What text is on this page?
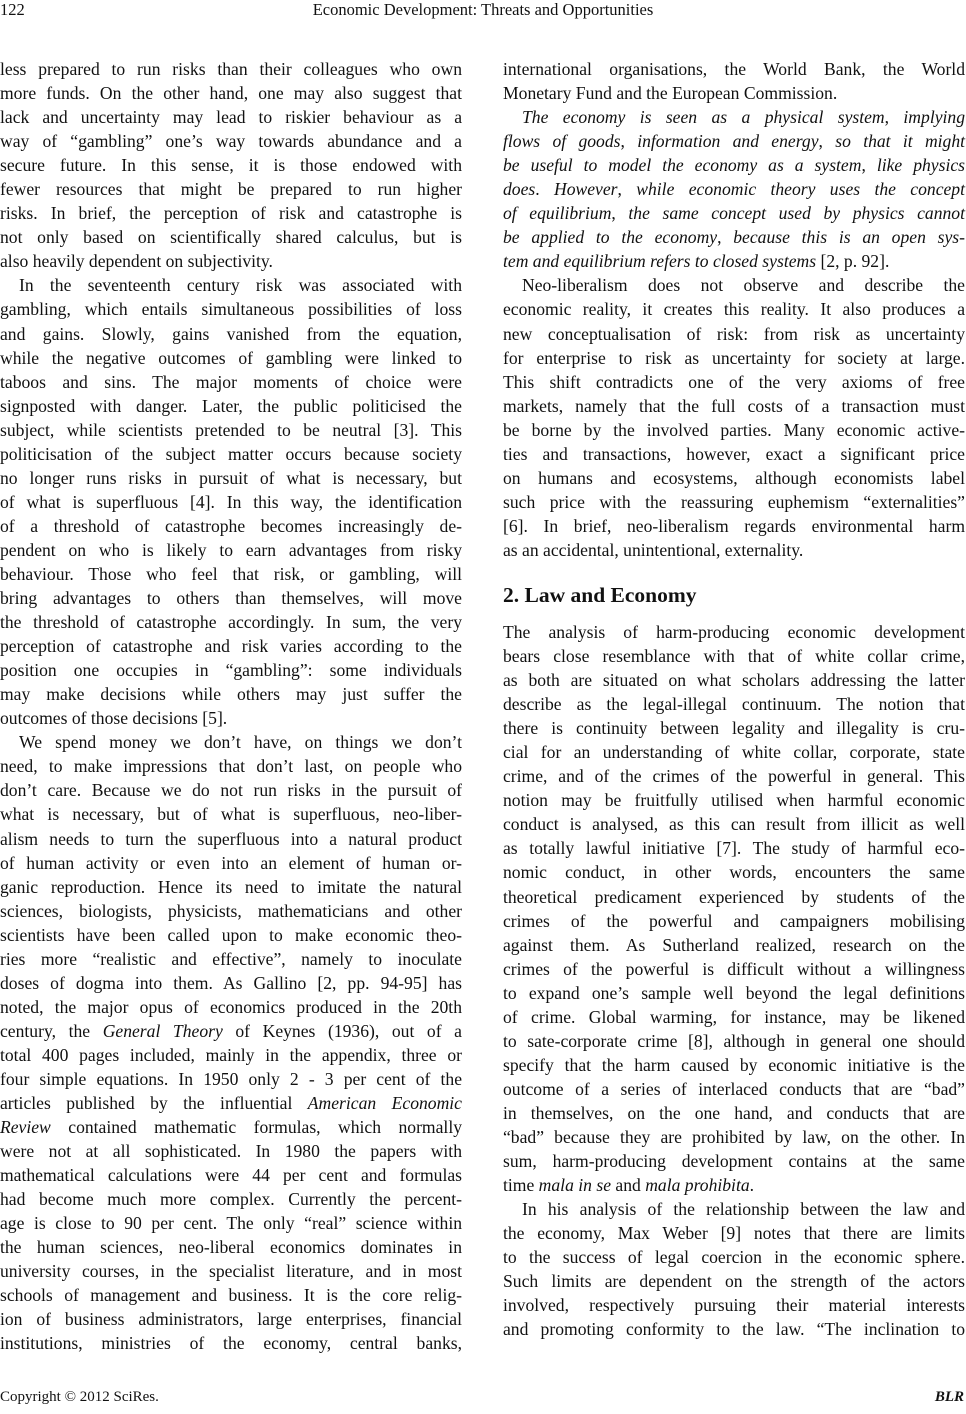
122	Economic Development: Threats and Opportunities
less prepared to run risks than their colleagues who own
more funds. On the other hand, one may also suggest that
lack and uncertainty may lead to riskier behaviour as a
way of “gambling” one’s way towards abundance and a
secure future. In this sense, it is those endowed with
fewer resources that might be prepared to run higher
risks. In brief, the perception of risk and catastrophe is
not only based on scientifically shared calculus, but is
also heavily dependent on subjectivity.
In the seventeenth century risk was associated with
gambling, which entails simultaneous possibilities of loss
and gains. Slowly, gains vanished from the equation,
while the negative outcomes of gambling were linked to
taboos and sins. The major moments of choice were
signposted with danger. Later, the public politicised the
subject, while scientists pretended to be neutral [3]. This
politicisation of the subject matter occurs because society
no longer runs risks in pursuit of what is necessary, but
of what is superfluous [4]. In this way, the identification
of a threshold of catastrophe becomes increasingly de-
pendent on who is likely to earn advantages from risky
behaviour. Those who feel that risk, or gambling, will
bring advantages to others than themselves, will move
the threshold of catastrophe accordingly. In sum, the very
perception of catastrophe and risk varies according to the
position one occupies in “gambling”: some individuals
may make decisions while others may just suffer the
outcomes of those decisions [5].
We spend money we don’t have, on things we don’t
need, to make impressions that don’t last, on people who
don’t care. Because we do not run risks in the pursuit of
what is necessary, but of what is superfluous, neo-liber-
alism needs to turn the superfluous into a natural product
of human activity or even into an element of human or-
ganic reproduction. Hence its need to imitate the natural
sciences, biologists, physicists, mathematicians and other
scientists have been called upon to make economic theo-
ries more “realistic and effective”, namely to inoculate
doses of dogma into them. As Gallino [2, pp. 94-95] has
noted, the major opus of economics produced in the 20th
century, the General Theory of Keynes (1936), out of a
total 400 pages included, mainly in the appendix, three or
four simple equations. In 1950 only 2 - 3 per cent of the
articles published by the influential American Economic
Review contained mathematic formulas, which normally
were not at all sophisticated. In 1980 the papers with
mathematical calculations were 44 per cent and formulas
had become much more complex. Currently the percent-
age is close to 90 per cent. The only “real” science within
the human sciences, neo-liberal economics dominates in
university courses, in the specialist literature, and in most
schools of management and business. It is the core relig-
ion of business administrators, large enterprises, financial
institutions, ministries of the economy, central banks,
international organisations, the World Bank, the World
Monetary Fund and the European Commission.
The economy is seen as a physical system, implying
flows of goods, information and energy, so that it might
be useful to model the economy as a system, like physics
does. However, while economic theory uses the concept
of equilibrium, the same concept used by physics cannot
be applied to the economy, because this is an open sys-
tem and equilibrium refers to closed systems [2, p. 92].
Neo-liberalism does not observe and describe the
economic reality, it creates this reality. It also produces a
new conceptualisation of risk: from risk as uncertainty
for enterprise to risk as uncertainty for society at large.
This shift contradicts one of the very axioms of free
markets, namely that the full costs of a transaction must
be borne by the involved parties. Many economic active-
ties and transactions, however, exact a significant price
on humans and ecosystems, although economists label
such price with the reassuring euphemism “externalities”
[6]. In brief, neo-liberalism regards environmental harm
as an accidental, unintentional, externality.
2. Law and Economy
The analysis of harm-producing economic development
bears close resemblance with that of white collar crime,
as both are situated on what scholars addressing the latter
describe as the legal-illegal continuum. The notion that
there is continuity between legality and illegality is cru-
cial for an understanding of white collar, corporate, state
crime, and of the crimes of the powerful in general. This
notion may be fruitfully utilised when harmful economic
conduct is analysed, as this can result from illicit as well
as totally lawful initiative [7]. The study of harmful eco-
nomic conduct, in other words, encounters the same
theoretical predicament experienced by students of the
crimes of the powerful and campaigners mobilising
against them. As Sutherland realized, research on the
crimes of the powerful is difficult without a willingness
to expand one’s sample well beyond the legal definitions
of crime. Global warming, for instance, may be likened
to sate-corporate crime [8], although in general one should
specify that the harm caused by economic initiative is the
outcome of a series of interlaced conducts that are “bad”
in themselves, on the one hand, and conducts that are
“bad” because they are prohibited by law, on the other. In
sum, harm-producing development contains at the same
time mala in se and mala prohibita.
In his analysis of the relationship between the law and
the economy, Max Weber [9] notes that there are limits
to the success of legal coercion in the economic sphere.
Such limits are dependent on the strength of the actors
involved, respectively pursuing their material interests
and promoting conformity to the law. “The inclination to
Copyright © 2012 SciRes.	BLR
